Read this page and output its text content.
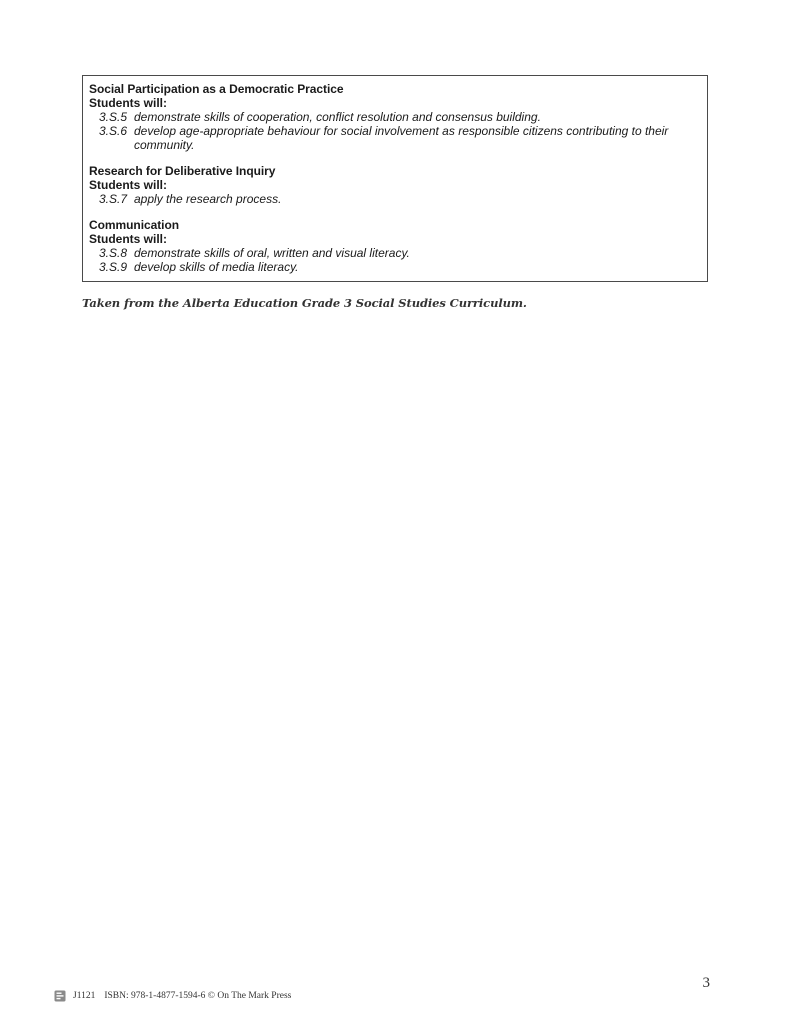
Social Participation as a Democratic Practice
Students will:
3.S.5 demonstrate skills of cooperation, conflict resolution and consensus building.
3.S.6 develop age-appropriate behaviour for social involvement as responsible citizens contributing to their community.
Research for Deliberative Inquiry
Students will:
3.S.7 apply the research process.
Communication
Students will:
3.S.8 demonstrate skills of oral, written and visual literacy.
3.S.9 develop skills of media literacy.
Taken from the Alberta Education Grade 3 Social Studies Curriculum.
3
J1121 ISBN: 978-1-4877-1594-6 © On The Mark Press
